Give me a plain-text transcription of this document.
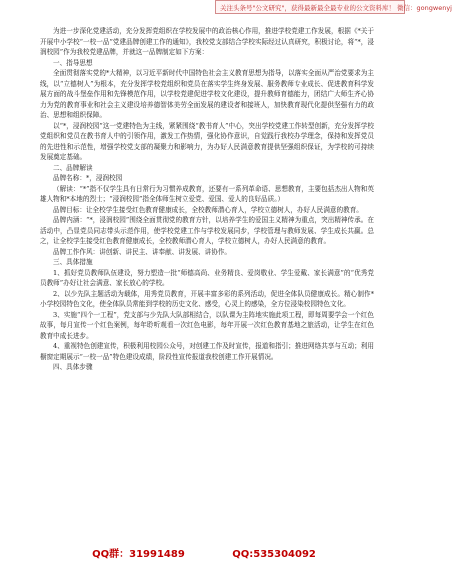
关注头条号"公文研究"，获得最新最全最专业的公文资料库！ 微信：gongwenyj

为进一步深化党建活动，充分发挥党组织在学校发展中的政治核心作用，推进学校党建工作发展，根据《*关于开展中小学校“一校一品”党建品牌创建工作的通知》，我校党支部结合学校实际经过认真研究，积极讨论，将“*，浸润校园”作为我校党建品牌，并就这一品牌制定如下方案：

一、指导思想

全面贯彻落实党的*大精神，以习近平新时代中国特色社会主义教育思想为指导，以落实全面从严治党要求为主线，以“立德树人”为根本，充分发挥学校党组织和党员在落实学生终身发展、服务教师专业成长、促进教育科学发展方面的战斗堡垒作用和先锋模范作用，以学校党建促进学校文化建设，提升教师育德能力，团结广大师生齐心协力为党的教育事业和社会主义建设培养德智体美劳全面发展的建设者和接班人，加快教育现代化提供坚强有力的政治、思想和组织保障。

以“*，浸润校园”这一党建特色为主线，紧紧围绕“教书育人”中心，突出学校党建工作转型创新，充分发挥学校党组织和党员在教书育人中的引领作用，激发工作热情，强化协作意识，自觉践行我校办学理念，保持和发挥党员的先进性和示范性，增强学校党支部的凝聚力和影响力，为办好人民满意教育提供坚强组织保证，为学校的可持续发展奠定基础。

二、品牌解读

品牌名称：*，浸润校园

（解读：“*”指不仅学生具有日常行为习惯养成教育，还要有一系列革命语、思想教育，主要包括杰出人物和英雄人物和*本地的烈士；“浸润校园”指全体师生树立爱党、爱国、爱人的良好品质。）

品牌目标：让全校学生接受红色教育健康成长，全校教师潜心育人，学校立德树人，办好人民满意的教育。

品牌内涵：“*，浸润校园”围绕全面贯彻党的教育方针，以培养学生的爱国主义精神为重点，突出精神传承。在活动中，凸显党员同志带头示范作用，使学校党建工作与学校发展同步，学校管理与教师发展、学生成长共赢。总之，让全校学生接受红色教育健康成长，全校教师潜心育人，学校立德树人，办好人民满意的教育。

品牌工作作风：讲创新、讲民主、讲奉献、讲发展、讲协作。

三、具体措施

1、抓好党员教师队伍建设，努力塑造一批“师德高尚、业务精良、爱岗敬业、学生爱戴、家长满意”的“优秀党员教师”办好让社会满意、家长放心的学校。

2、以少先队主题活动为载体，用秀党员教育，开展丰富多彩的系列活动，促进全体队员健康成长。精心制作*小学校园特色文化，使全体队员常能到学校的历史文化、感受，心灵上的感染，全方位浸染校园特色文化。

3、实施“四个一工程”，党支部与少先队大队部相结合，以队课为主阵地实施此项工程，即每周要学会一个红色故事，每月宣传一个红色案例，每年聆听观看一次红色电影，每年开展一次红色教育基地之旅活动，让学生在红色教育中成长进步。

4、重视特色创建宣传，积极利用校园公众号，对创建工作及时宣传，报道和指引；推进网络共享与互动；利用橱窗定期展示“一校一品”特色建设成绩，阶段性宣传报道我校创建工作开展情况。

四、具体步骤

QQ群：31991489	QQ:535304092
